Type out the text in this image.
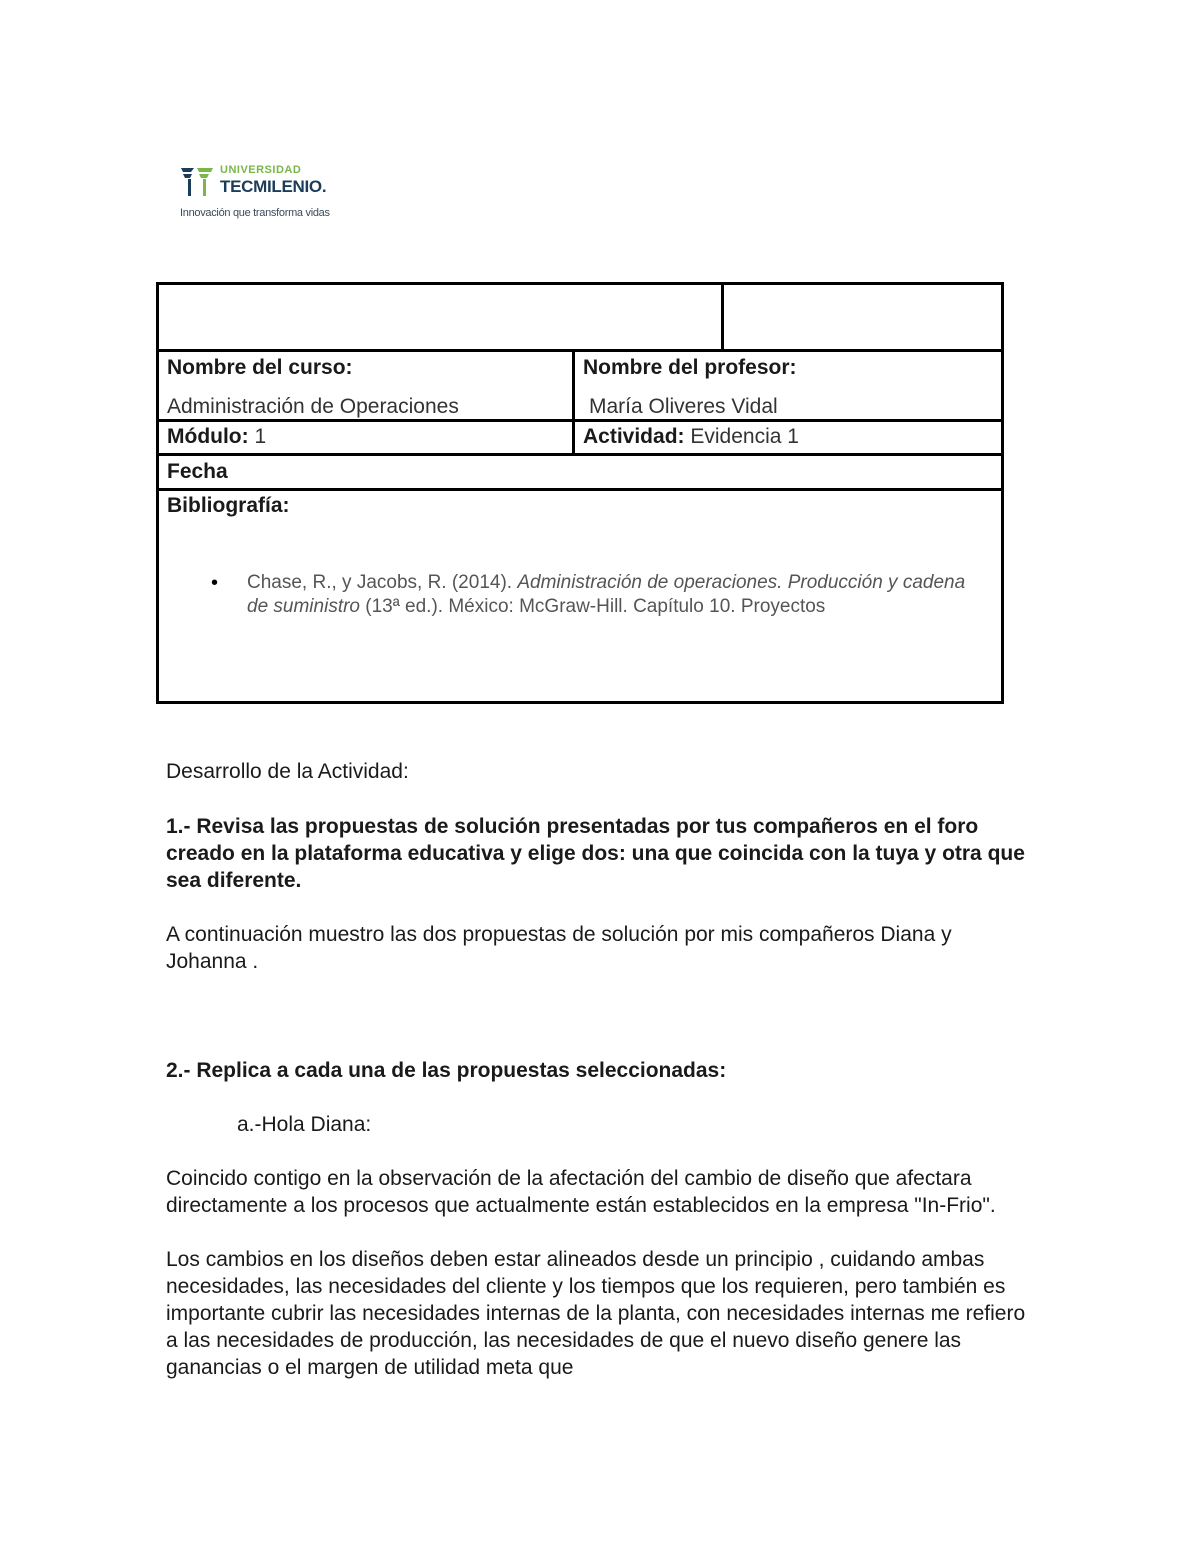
UNIVERSIDAD
TECMILENIO.
Innovación que transforma vidas
Nombre del curso:
Administración de Operaciones
Nombre del profesor:
María Oliveres Vidal
Módulo: 1	Actividad: Evidencia 1
Fecha
Bibliografía:
• Chase, R., y Jacobs, R. (2014). Administración de operaciones. Producción y cadena de suministro (13ª ed.). México: McGraw-Hill. Capítulo 10. Proyectos

Desarrollo de la Actividad:

1.- Revisa las propuestas de solución presentadas por tus compañeros en el foro creado en la plataforma educativa y elige dos: una que coincida con la tuya y otra que sea diferente.

A continuación muestro las dos propuestas de solución por mis compañeros Diana y Johanna .

2.- Replica a cada una de las propuestas seleccionadas:

a.-Hola Diana:

Coincido contigo en la observación de la afectación del cambio de diseño que afectara directamente a los procesos que actualmente están establecidos en la empresa "In-Frio".

Los cambios en los diseños deben estar alineados desde un principio , cuidando ambas necesidades, las necesidades del cliente y los tiempos que los requieren, pero también es importante cubrir las necesidades internas de la planta, con necesidades internas me refiero a las necesidades de producción, las necesidades de que el nuevo diseño genere las ganancias o el margen de utilidad meta que
